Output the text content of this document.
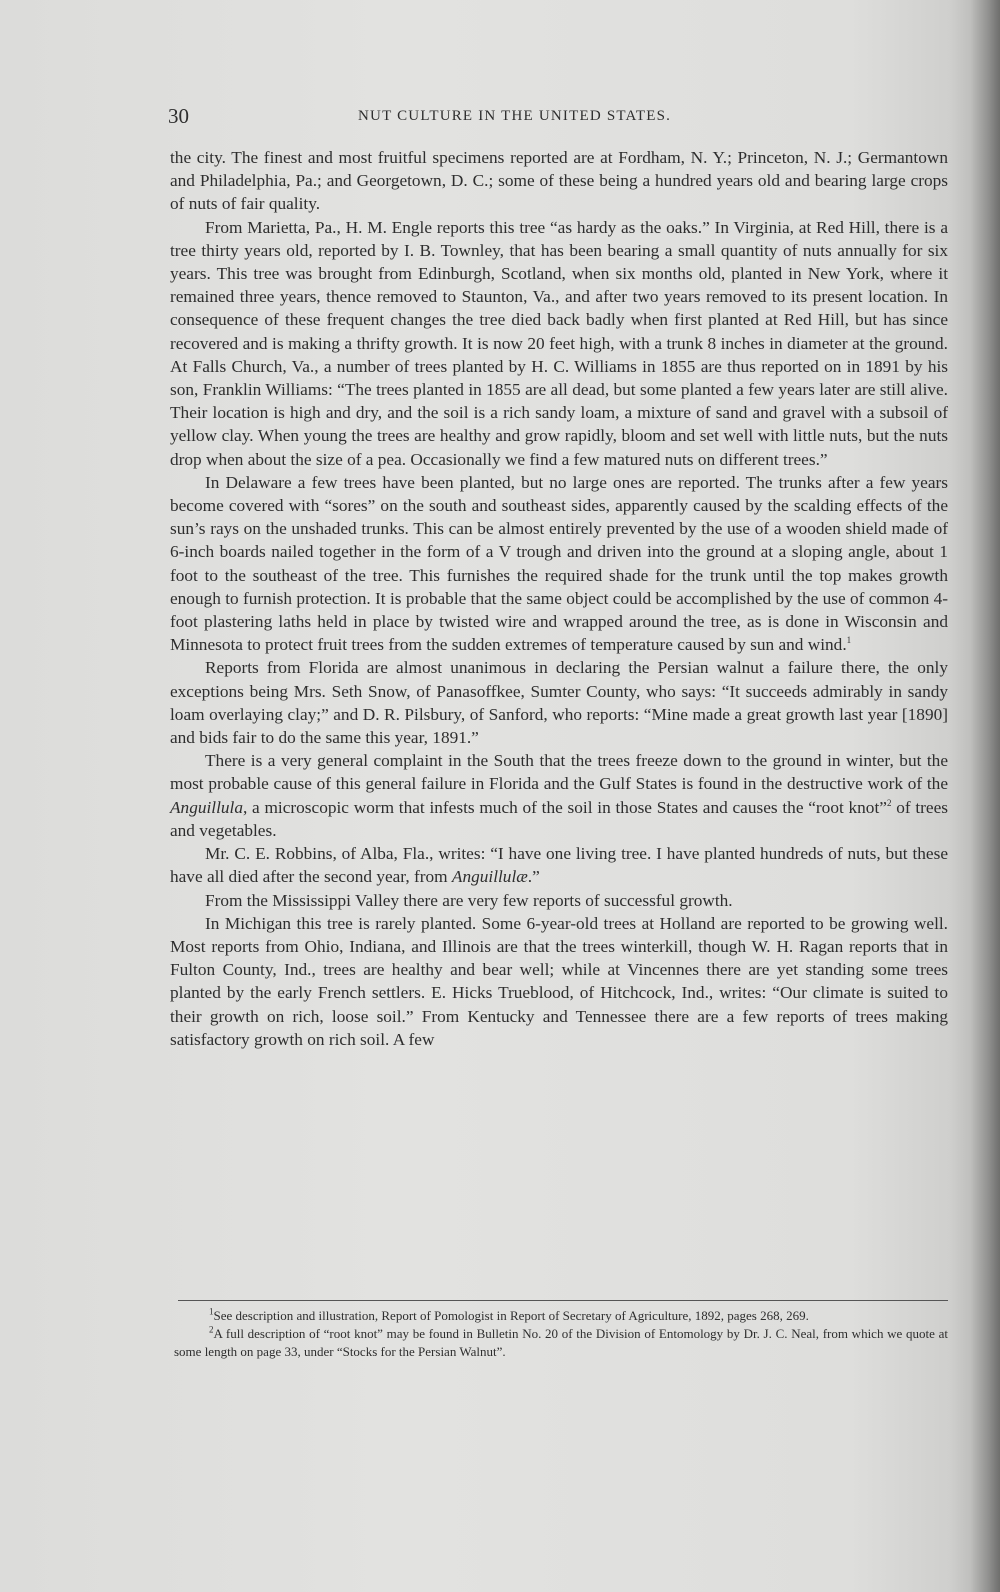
30	NUT CULTURE IN THE UNITED STATES.

the city. The finest and most fruitful specimens reported are at Fordham, N. Y.; Princeton, N. J.; Germantown and Philadelphia, Pa.; and Georgetown, D. C.; some of these being a hundred years old and bearing large crops of nuts of fair quality.

From Marietta, Pa., H. M. Engle reports this tree “as hardy as the oaks.” In Virginia, at Red Hill, there is a tree thirty years old, reported by I. B. Townley, that has been bearing a small quantity of nuts annually for six years. This tree was brought from Edinburgh, Scotland, when six months old, planted in New York, where it remained three years, thence removed to Staunton, Va., and after two years removed to its present location. In consequence of these frequent changes the tree died back badly when first planted at Red Hill, but has since recovered and is making a thrifty growth. It is now 20 feet high, with a trunk 8 inches in diameter at the ground. At Falls Church, Va., a number of trees planted by H. C. Williams in 1855 are thus reported on in 1891 by his son, Franklin Williams: “The trees planted in 1855 are all dead, but some planted a few years later are still alive. Their location is high and dry, and the soil is a rich sandy loam, a mixture of sand and gravel with a subsoil of yellow clay. When young the trees are healthy and grow rapidly, bloom and set well with little nuts, but the nuts drop when about the size of a pea. Occasionally we find a few matured nuts on different trees.”

In Delaware a few trees have been planted, but no large ones are reported. The trunks after a few years become covered with “sores” on the south and southeast sides, apparently caused by the scalding effects of the sun’s rays on the unshaded trunks. This can be almost entirely prevented by the use of a wooden shield made of 6-inch boards nailed together in the form of a V trough and driven into the ground at a sloping angle, about 1 foot to the southeast of the tree. This furnishes the required shade for the trunk until the top makes growth enough to furnish protection. It is probable that the same object could be accomplished by the use of common 4-foot plastering laths held in place by twisted wire and wrapped around the tree, as is done in Wisconsin and Minnesota to protect fruit trees from the sudden extremes of temperature caused by sun and wind.$^1$

Reports from Florida are almost unanimous in declaring the Persian walnut a failure there, the only exceptions being Mrs. Seth Snow, of Panasoffkee, Sumter County, who says: “It succeeds admirably in sandy loam overlaying clay;” and D. R. Pilsbury, of Sanford, who reports: “Mine made a great growth last year [1890] and bids fair to do the same this year, 1891.”

There is a very general complaint in the South that the trees freeze down to the ground in winter, but the most probable cause of this general failure in Florida and the Gulf States is found in the destructive work of the Anguillula, a microscopic worm that infests much of the soil in those States and causes the “root knot”$^2$ of trees and vegetables.

Mr. C. E. Robbins, of Alba, Fla., writes: “I have one living tree. I have planted hundreds of nuts, but these have all died after the second year, from Anguillulæ.”

From the Mississippi Valley there are very few reports of successful growth.

In Michigan this tree is rarely planted. Some 6-year-old trees at Holland are reported to be growing well. Most reports from Ohio, Indiana, and Illinois are that the trees winterkill, though W. H. Ragan reports that in Fulton County, Ind., trees are healthy and bear well; while at Vincennes there are yet standing some trees planted by the early French settlers. E. Hicks Trueblood, of Hitchcock, Ind., writes: “Our climate is suited to their growth on rich, loose soil.” From Kentucky and Tennessee there are a few reports of trees making satisfactory growth on rich soil. A few

$^1$See description and illustration, Report of Pomologist in Report of Secretary of Agriculture, 1892, pages 268, 269.

$^2$A full description of “root knot” may be found in Bulletin No. 20 of the Division of Entomology by Dr. J. C. Neal, from which we quote at some length on page 33, under “Stocks for the Persian Walnut”.
